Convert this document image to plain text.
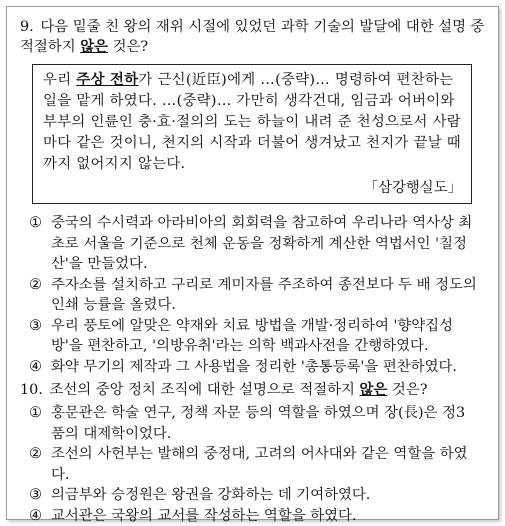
9. 다음 밑줄 친 왕의 재위 시절에 있었던 과학 기술의 발달에 대한 설명 중 적절하지 않은 것은?

우리 주상 전하가 근신(近臣)에게 …(중략)… 명령하여 편찬하는 일을 맡게 하였다. …(중략)… 가만히 생각건대, 임금과 어버이와 부부의 인륜인 충·효·절의의 도는 하늘이 내려 준 천성으로서 사람마다 같은 것이니, 천지의 시작과 더불어 생겨났고 천지가 끝날 때까지 없어지지 않는다.

「삼강행실도」
① 중국의 수시력과 아라비아의 회회력을 참고하여 우리나라 역사상 최초로 서울을 기준으로 천체 운동을 정확하게 계산한 역법서인 '칠정산'을 만들었다.
② 주자소를 설치하고 구리로 계미자를 주조하여 종전보다 두 배 정도의 인쇄 능률을 올렸다.
③ 우리 풍토에 알맞은 약재와 치료 방법을 개발·정리하여 '향약집성방'을 편찬하고, '의방유취'라는 의학 백과사전을 간행하였다.
④ 화약 무기의 제작과 그 사용법을 정리한 '총통등록'을 편찬하였다.
10. 조선의 중앙 정치 조직에 대한 설명으로 적절하지 않은 것은?
① 홍문관은 학술 연구, 정책 자문 등의 역할을 하였으며 장(長)은 정3품의 대제학이었다.
② 조선의 사헌부는 발해의 중정대, 고려의 어사대와 같은 역할을 하였다.
③ 의금부와 승정원은 왕권을 강화하는 데 기여하였다.
④ 교서관은 국왕의 교서를 작성하는 역할을 하였다.
